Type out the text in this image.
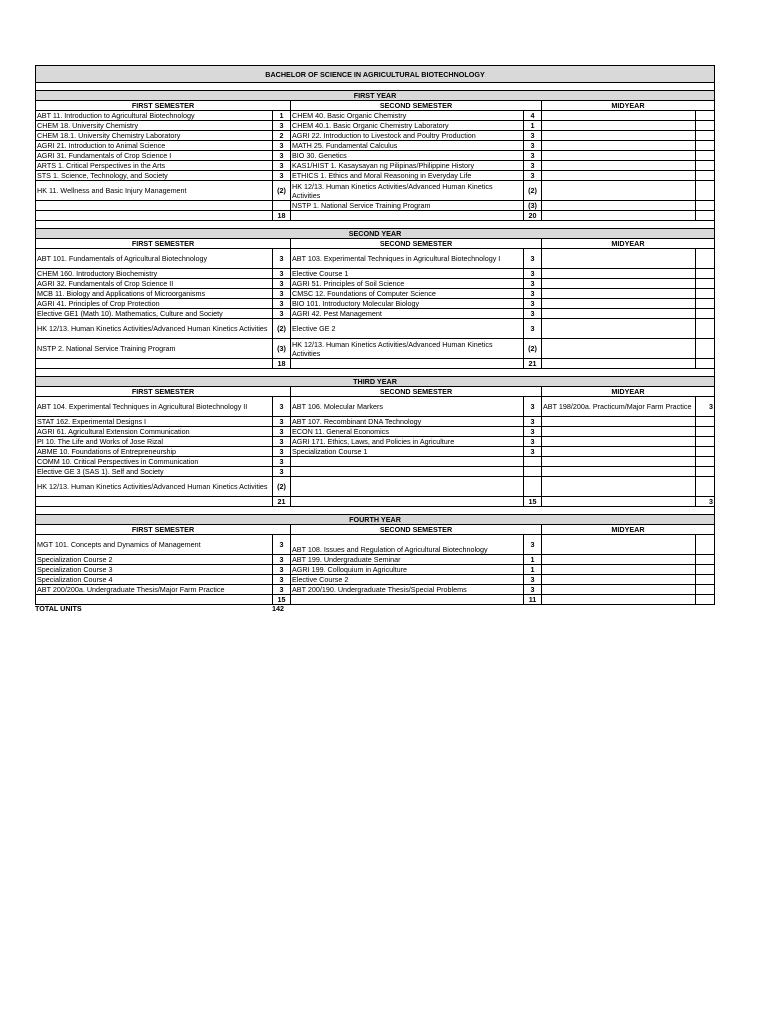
BACHELOR OF SCIENCE IN AGRICULTURAL BIOTECHNOLOGY					

FIRST YEAR					
FIRST SEMESTER		SECOND SEMESTER		MIDYEAR	
ABT 11. Introduction to Agricultural Biotechnology	1	CHEM 40. Basic Organic Chemistry	4		
CHEM 18. University Chemistry	3	CHEM 40.1. Basic Organic Chemistry Laboratory	1		
CHEM 18.1. University Chemistry Laboratory	2	AGRI 22. Introduction to Livestock and Poultry Production	3		
AGRI 21. Introduction to Animal Science	3	MATH 25. Fundamental Calculus	3		
AGRI 31. Fundamentals of Crop Science I	3	BIO 30. Genetics	3		
ARTS 1. Critical Perspectives in the Arts	3	KAS1/HIST 1. Kasaysayan ng Pilipinas/Philippine History	3		
STS 1. Science, Technology, and Society	3	ETHICS 1. Ethics and Moral Reasoning in Everyday Life	3		
HK 11. Wellness and Basic Injury Management	(2)	HK 12/13. Human Kinetics Activities/Advanced Human Kinetics Activities	(2)		
		NSTP 1. National Service Training Program	(3)		
	18		20		

SECOND YEAR					
FIRST SEMESTER		SECOND SEMESTER		MIDYEAR	
ABT 101. Fundamentals of Agricultural Biotechnology	3	ABT 103. Experimental Techniques in Agricultural Biotechnology I	3		
CHEM 160. Introductory Biochemistry	3	Elective Course 1	3		
AGRI 32. Fundamentals of Crop Science II	3	AGRI 51. Principles of Soil Science	3		
MCB 11. Biology and Applications of Microorganisms	3	CMSC 12. Foundations of Computer Science	3		
AGRI 41. Principles of Crop Protection	3	BIO 101. Introductory Molecular Biology	3		
Elective GE1 (Math 10). Mathematics, Culture and Society	3	AGRI 42. Pest Management	3		
HK 12/13. Human Kinetics Activities/Advanced Human Kinetics Activities	(2)	Elective GE 2	3		
NSTP 2. National Service Training Program	(3)	HK 12/13. Human Kinetics Activities/Advanced Human Kinetics Activities	(2)		
	18		21		

THIRD YEAR					
FIRST SEMESTER		SECOND SEMESTER		MIDYEAR	
ABT 104. Experimental Techniques in Agricultural Biotechnology II	3	ABT 106. Molecular Markers	3	ABT 198/200a. Practicum/Major Farm Practice	3
STAT 162. Experimental Designs I	3	ABT 107. Recombinant DNA Technology	3		
AGRI 61. Agricultural Extension Communication	3	ECON 11. General Economics	3		
PI 10. The Life and Works of Jose Rizal	3	AGRI 171. Ethics, Laws, and Policies in Agriculture	3		
ABME 10. Foundations of Entrepreneurship	3	Specialization Course 1	3		
COMM 10. Critical Perspectives in Communication	3				
Elective GE 3 (SAS 1). Self and Society	3				
HK 12/13. Human Kinetics Activities/Advanced Human Kinetics Activities	(2)				
	21		15		3

FOURTH YEAR					
FIRST SEMESTER		SECOND SEMESTER		MIDYEAR	
MGT 101. Concepts and Dynamics of Management	3	ABT 108. Issues and Regulation of Agricultural Biotechnology	3		
Specialization Course 2	3	ABT 199. Undergraduate Seminar	1		
Specialization Course 3	3	AGRI 199. Colloquium in Agriculture	1		
Specialization Course 4	3	Elective Course 2	3		
ABT 200/200a. Undergraduate Thesis/Major Farm Practice	3	ABT 200/190. Undergraduate Thesis/Special Problems	3		
	15		11		
TOTAL UNITS	142
